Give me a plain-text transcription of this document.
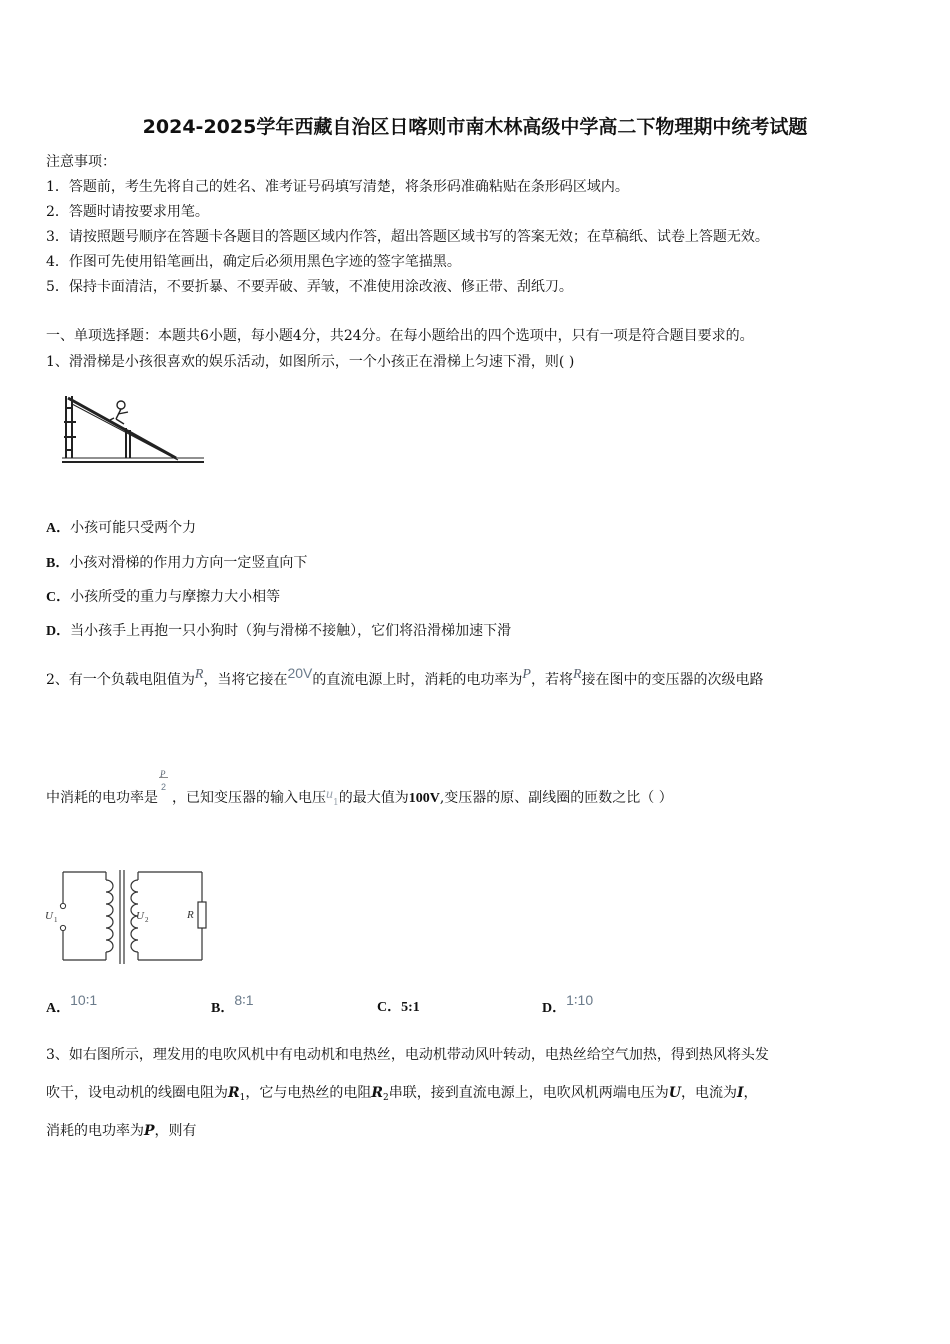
2024-2025学年西藏自治区日喀则市南木林高级中学高二下物理期中统考试题
注意事项：
1．答题前，考生先将自己的姓名、准考证号码填写清楚，将条形码准确粘贴在条形码区域内。
2．答题时请按要求用笔。
3．请按照题号顺序在答题卡各题目的答题区域内作答，超出答题区域书写的答案无效；在草稿纸、试卷上答题无效。
4．作图可先使用铅笔画出，确定后必须用黑色字迹的签字笔描黑。
5．保持卡面清洁，不要折暴、不要弄破、弄皱，不准使用涂改液、修正带、刮纸刀。
一、单项选择题：本题共6小题，每小题4分，共24分。在每小题给出的四个选项中，只有一项是符合题目要求的。
1、滑滑梯是小孩很喜欢的娱乐活动，如图所示，一个小孩正在滑梯上匀速下滑，则( )
A．小孩可能只受两个力
B．小孩对滑梯的作用力方向一定竖直向下
C．小孩所受的重力与摩擦力大小相等
D．当小孩手上再抱一只小狗时（狗与滑梯不接触），它们将沿滑梯加速下滑
2、有一个负载电阻值为R，当将它接在20V的直流电源上时，消耗的电功率为P，若将R接在图中的变压器的次级电路
中消耗的电功率是
P
2
，已知变压器的输入电压$u_1$的最大值为100V,变压器的原、副线圈的匝数之比（ ）
U 1	U 2	R
A．10∶1
B．8∶1	C．5:1	D．1∶10
3、如右图所示，理发用的电吹风机中有电动机和电热丝，电动机带动风叶转动，电热丝给空气加热，得到热风将头发
吹干，设电动机的线圈电阻为$R_1$，它与电热丝的电阻$R_2$串联，接到直流电源上，电吹风机两端电压为U，电流为I，
消耗的电功率为P，则有
